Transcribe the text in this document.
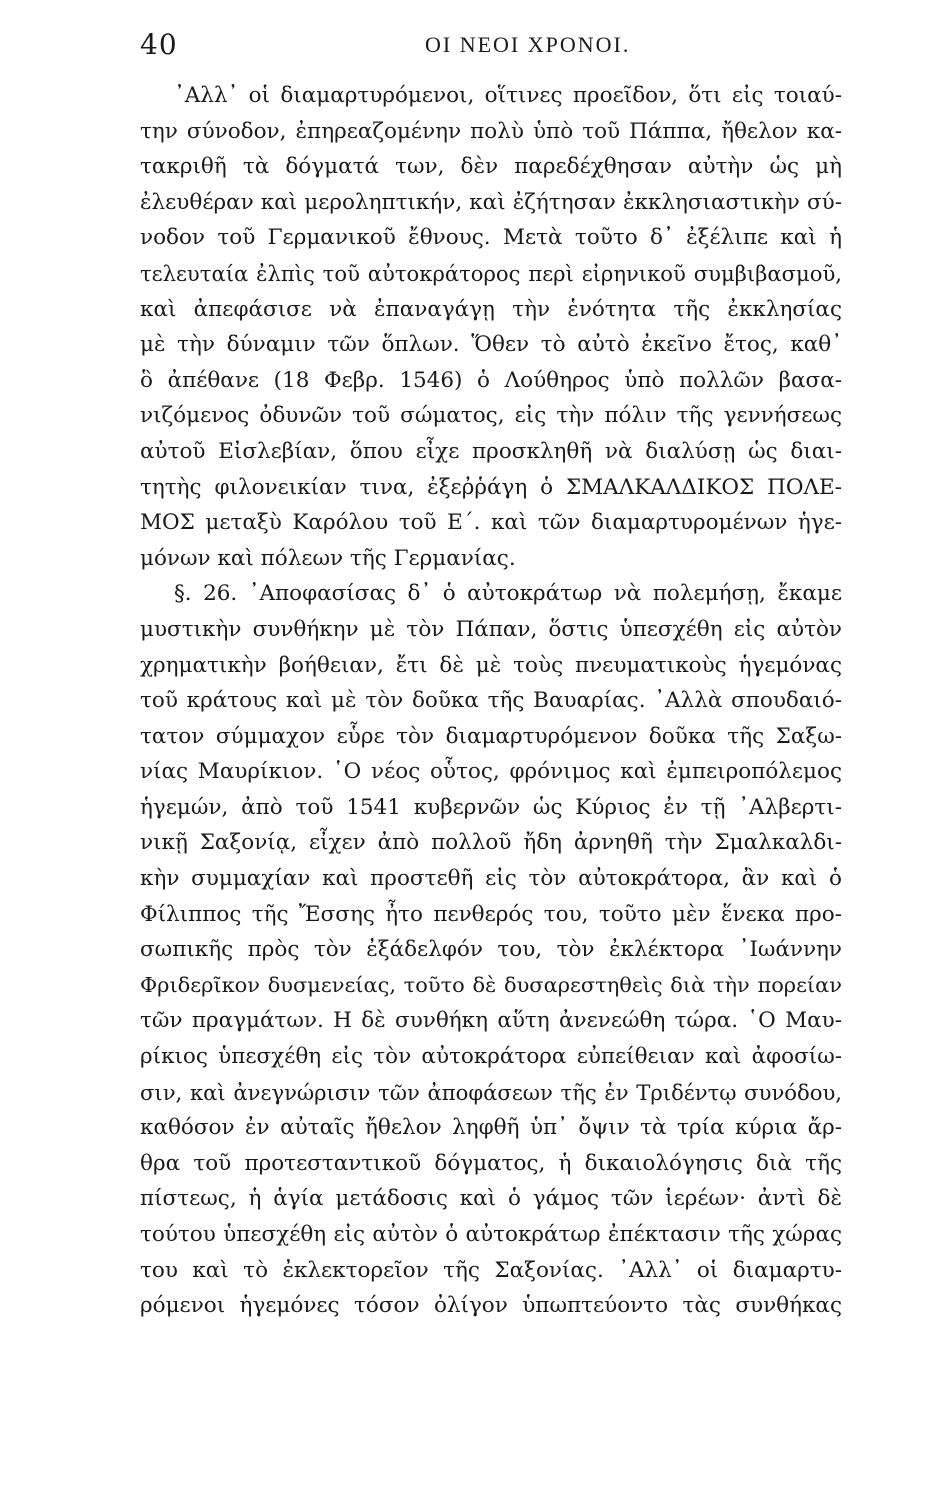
40	ΟΙ ΝΕΟΙ ΧΡΟΝΟΙ.
᾿Αλλ᾿ οἱ διαμαρτυρόμενοι, οἵτινες προεῖδον, ὅτι εἰς τοιαύ-
την σύνοδον, ἐπηρεαζομένην πολὺ ὑπὸ τοῦ Πάππα, ἤθελον κα-
τακριθῆ τὰ δόγματά των, δὲν παρεδέχθησαν αὐτὴν ὡς μὴ
ἐλευθέραν καὶ μεροληπτικήν, καὶ ἐζήτησαν ἐκκλησιαστικὴν σύ-
νοδον τοῦ Γερμανικοῦ ἔθνους. Μετὰ τοῦτο δ᾿ ἐξέλιπε καὶ ἡ
τελευταία ἐλπὶς τοῦ αὐτοκράτορος περὶ εἰρηνικοῦ συμβιβασμοῦ,
καὶ ἀπεφάσισε νὰ ἐπαναγάγῃ τὴν ἑνότητα τῆς ἐκκλησίας
μὲ τὴν δύναμιν τῶν ὅπλων. Ὅθεν τὸ αὐτὸ ἐκεῖνο ἔτος, καθ᾿
ὃ ἀπέθανε (18 Φεβρ. 1546) ὁ Λούθηρος ὑπὸ πολλῶν βασα-
νιζόμενος ὀδυνῶν τοῦ σώματος, εἰς τὴν πόλιν τῆς γεννήσεως
αὐτοῦ Εἰσλεβίαν, ὅπου εἶχε προσκληθῆ νὰ διαλύσῃ ὡς διαι-
τητὴς φιλονεικίαν τινα, ἐξεῤῥάγη ὁ ΣΜΑΛΚΑΛΔΙΚΟΣ ΠΟΛΕ-
ΜΟΣ μεταξὺ Καρόλου τοῦ Ε΄. καὶ τῶν διαμαρτυρομένων ἡγε-
μόνων καὶ πόλεων τῆς Γερμανίας.
§. 26. ᾿Αποφασίσας δ᾿ ὁ αὐτοκράτωρ νὰ πολεμήσῃ, ἔκαμε
μυστικὴν συνθήκην μὲ τὸν Πάπαν, ὅστις ὑπεσχέθη εἰς αὐτὸν
χρηματικὴν βοήθειαν, ἔτι δὲ μὲ τοὺς πνευματικοὺς ἡγεμόνας
τοῦ κράτους καὶ μὲ τὸν δοῦκα τῆς Βαυαρίας. ᾿Αλλὰ σπουδαιό-
τατον σύμμαχον εὗρε τὸν διαμαρτυρόμενον δοῦκα τῆς Σαξω-
νίας Μαυρίκιον. ῾Ο νέος οὗτος, φρόνιμος καὶ ἐμπειροπόλεμος
ἡγεμών, ἀπὸ τοῦ 1541 κυβερνῶν ὡς Κύριος ἐν τῇ ᾿Αλβερτι-
νικῇ Σαξονίᾳ, εἶχεν ἀπὸ πολλοῦ ἤδη ἀρνηθῆ τὴν Σμαλκαλδι-
κὴν συμμαχίαν καὶ προστεθῆ εἰς τὸν αὐτοκράτορα, ἂν καὶ ὁ
Φίλιππος τῆς Ἔσσης ἦτο πενθερός του, τοῦτο μὲν ἕνεκα προ-
σωπικῆς πρὸς τὸν ἐξάδελφόν του, τὸν ἐκλέκτορα ᾿Ιωάννην
Φριδερῖκον δυσμενείας, τοῦτο δὲ δυσαρεστηθεὶς διὰ τὴν πορείαν
τῶν πραγμάτων. Η δὲ συνθήκη αὕτη ἀνενεώθη τώρα. ῾Ο Μαυ-
ρίκιος ὑπεσχέθη εἰς τὸν αὐτοκράτορα εὐπείθειαν καὶ ἀφοσίω-
σιν, καὶ ἀνεγνώρισιν τῶν ἀποφάσεων τῆς ἐν Τριδέντῳ συνόδου,
καθόσον ἐν αὐταῖς ἤθελον ληφθῆ ὑπ᾿ ὄψιν τὰ τρία κύρια ἄρ-
θρα τοῦ προτεσταντικοῦ δόγματος, ἡ δικαιολόγησις διὰ τῆς
πίστεως, ἡ ἁγία μετάδοσις καὶ ὁ γάμος τῶν ἱερέων· ἀντὶ δὲ
τούτου ὑπεσχέθη εἰς αὐτὸν ὁ αὐτοκράτωρ ἐπέκτασιν τῆς χώρας
του καὶ τὸ ἐκλεκτορεῖον τῆς Σαξονίας. ᾿Αλλ᾿ οἱ διαμαρτυ-
ρόμενοι ἡγεμόνες τόσον ὀλίγον ὑπωπτεύοντο τὰς συνθήκας
